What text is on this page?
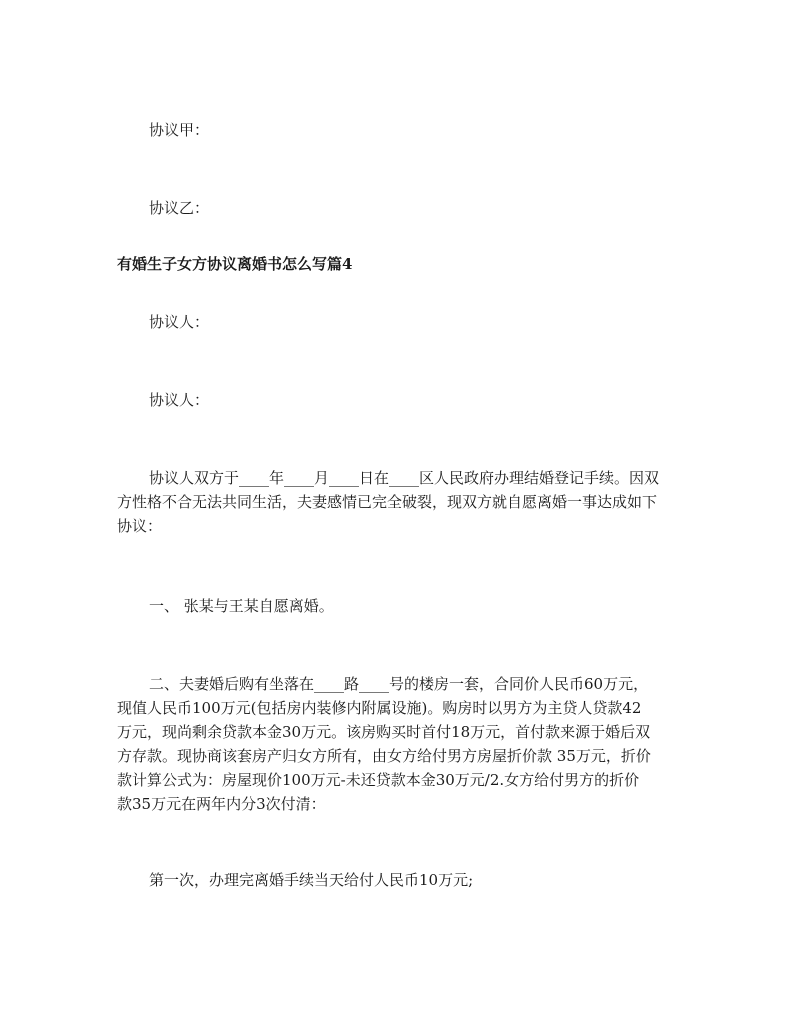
协议甲：
协议乙：
有婚生子女方协议离婚书怎么写篇4
协议人：
协议人：
协议人双方于____年____月____日在____区人民政府办理结婚登记手续。因双
方性格不合无法共同生活，夫妻感情已完全破裂，现双方就自愿离婚一事达成如下
协议：
一、 张某与王某自愿离婚。
二、夫妻婚后购有坐落在____路____号的楼房一套，合同价人民币60万元，
现值人民币100万元(包括房内装修内附属设施)。购房时以男方为主贷人贷款42
万元，现尚剩余贷款本金30万元。该房购买时首付18万元，首付款来源于婚后双
方存款。现协商该套房产归女方所有，由女方给付男方房屋折价款 35万元，折价
款计算公式为：房屋现价100万元-未还贷款本金30万元/2.女方给付男方的折价
款35万元在两年内分3次付清：
第一次，办理完离婚手续当天给付人民币10万元;
